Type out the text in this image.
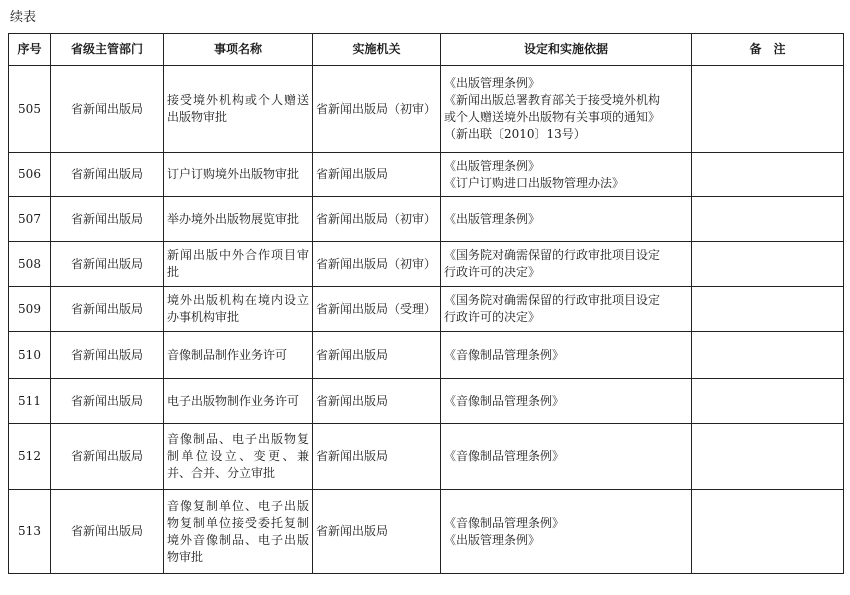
续表
序号	省级主管部门	事项名称	实施机关	设定和实施依据	备　注
505	省新闻出版局	接受境外机构或个人赠送出版物审批	省新闻出版局（初审）	《出版管理条例》
《新闻出版总署教育部关于接受境外机构
或个人赠送境外出版物有关事项的通知》
（新出联〔2010〕13号）	

506	省新闻出版局	订户订购境外出版物审批	省新闻出版局	《出版管理条例》
《订户订购进口出版物管理办法》	

507	省新闻出版局	举办境外出版物展览审批	省新闻出版局（初审）	《出版管理条例》	

508	省新闻出版局	新闻出版中外合作项目审批	省新闻出版局（初审）	《国务院对确需保留的行政审批项目设定
行政许可的决定》	

509	省新闻出版局	境外出版机构在境内设立办事机构审批	省新闻出版局（受理）	《国务院对确需保留的行政审批项目设定
行政许可的决定》	

510	省新闻出版局	音像制品制作业务许可	省新闻出版局	《音像制品管理条例》	

511	省新闻出版局	电子出版物制作业务许可	省新闻出版局	《音像制品管理条例》	

512	省新闻出版局	音像制品、电子出版物复制单位设立、变更、兼并、合并、分立审批	省新闻出版局	《音像制品管理条例》	

513	省新闻出版局	音像复制单位、电子出版物复制单位接受委托复制境外音像制品、电子出版物审批	省新闻出版局	《音像制品管理条例》
《出版管理条例》	
